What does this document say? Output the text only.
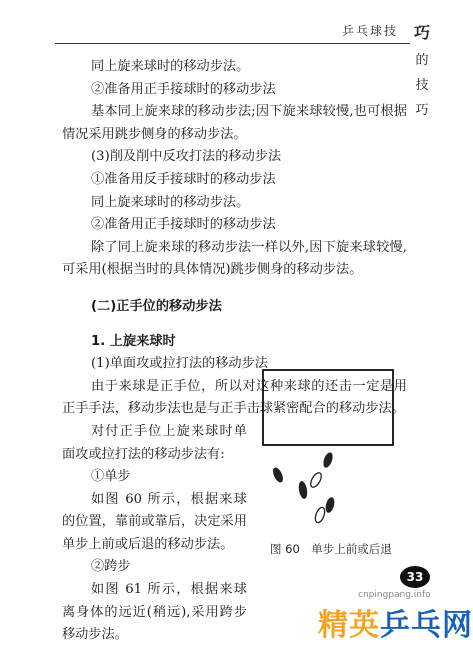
乒乓球技 巧
的
技
巧

同上旋来球时的移动步法。

②准备用正手接球时的移动步法

基本同上旋来球的移动步法;因下旋来球较慢,也可根据情况采用跳步侧身的移动步法。

(3)削及削中反攻打法的移动步法

①准备用反手接球时的移动步法

同上旋来球时的移动步法。

②准备用正手接球时的移动步法

除了同上旋来球的移动步法一样以外,因下旋来球较慢,可采用(根据当时的具体情况)跳步侧身的移动步法。

(二)正手位的移动步法

1. 上旋来球时

(1)单面攻或拉打法的移动步法

由于来球是正手位，所以对这种来球的还击一定是用正手手法，移动步法也是与正手击球紧密配合的移动步法。

对付正手位上旋来球时单面攻或拉打法的移动步法有:

①单步

如图 60 所示，根据来球的位置，靠前或靠后，决定采用单步上前或后退的移动步法。

②跨步

如图 61 所示，根据来球离身体的远近(稍远),采用跨步移动步法。

图 60　单步上前或后退
33
cnpingpang.info
精英乒乓网
